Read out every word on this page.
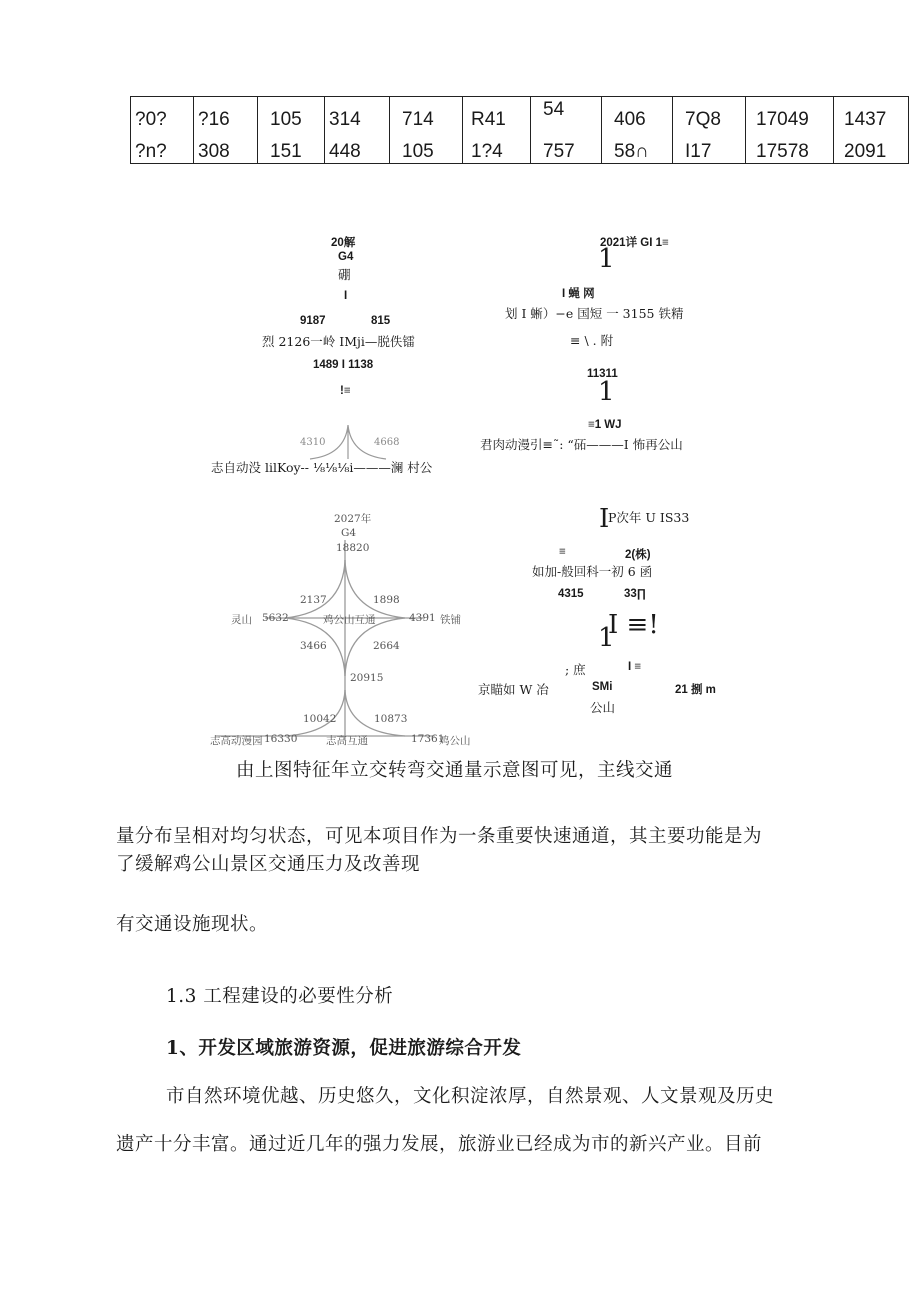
?0?	?16	105	314	714	R41	54	406	7Q8	17049	1437
?n?	308	151	448	105	1?4	757	58∩	I17	17578	2091
20解
G4
硼
I
9187	815
烈 2126一岭 IMji—脱佚镭
1489 I 1138
!≡
4310	4668
志自动没 lilKoy-- ⅛⅛⅛i———澜 村公
2021详 GI 1≡
1
I 蝇 网
划 I 蜥）−e 国短 一 3155 铁精
≡ \ . 附
11311
1
≡1 WJ
君肉动漫引≡˜: “砳———I 怖再公山
2027年
G4
18820
2137	1898
灵山 5632	鸡公山互通	4391 铁铺
3466	2664
20915
10042	10873
志高动漫园 16330	志高互通	17361
鸡公山
I
P次年 U IS33
≡	2(株)
如加-般回科一初 6 函
4315	33∏
1
I ≡!
; 庶	I ≡
京瞄如 W 冶	SMi	21 捌 m
公山
由上图特征年立交转弯交通量示意图可见，主线交通
量分布呈相对均匀状态，可见本项目作为一条重要快速通道，其主要功能是为
了缓解鸡公山景区交通压力及改善现
有交通设施现状。
1.3 工程建设的必要性分析
1、开发区域旅游资源，促进旅游综合开发
市自然环境优越、历史悠久，文化积淀浓厚，自然景观、人文景观及历史
遗产十分丰富。通过近几年的强力发展，旅游业已经成为市的新兴产业。目前
